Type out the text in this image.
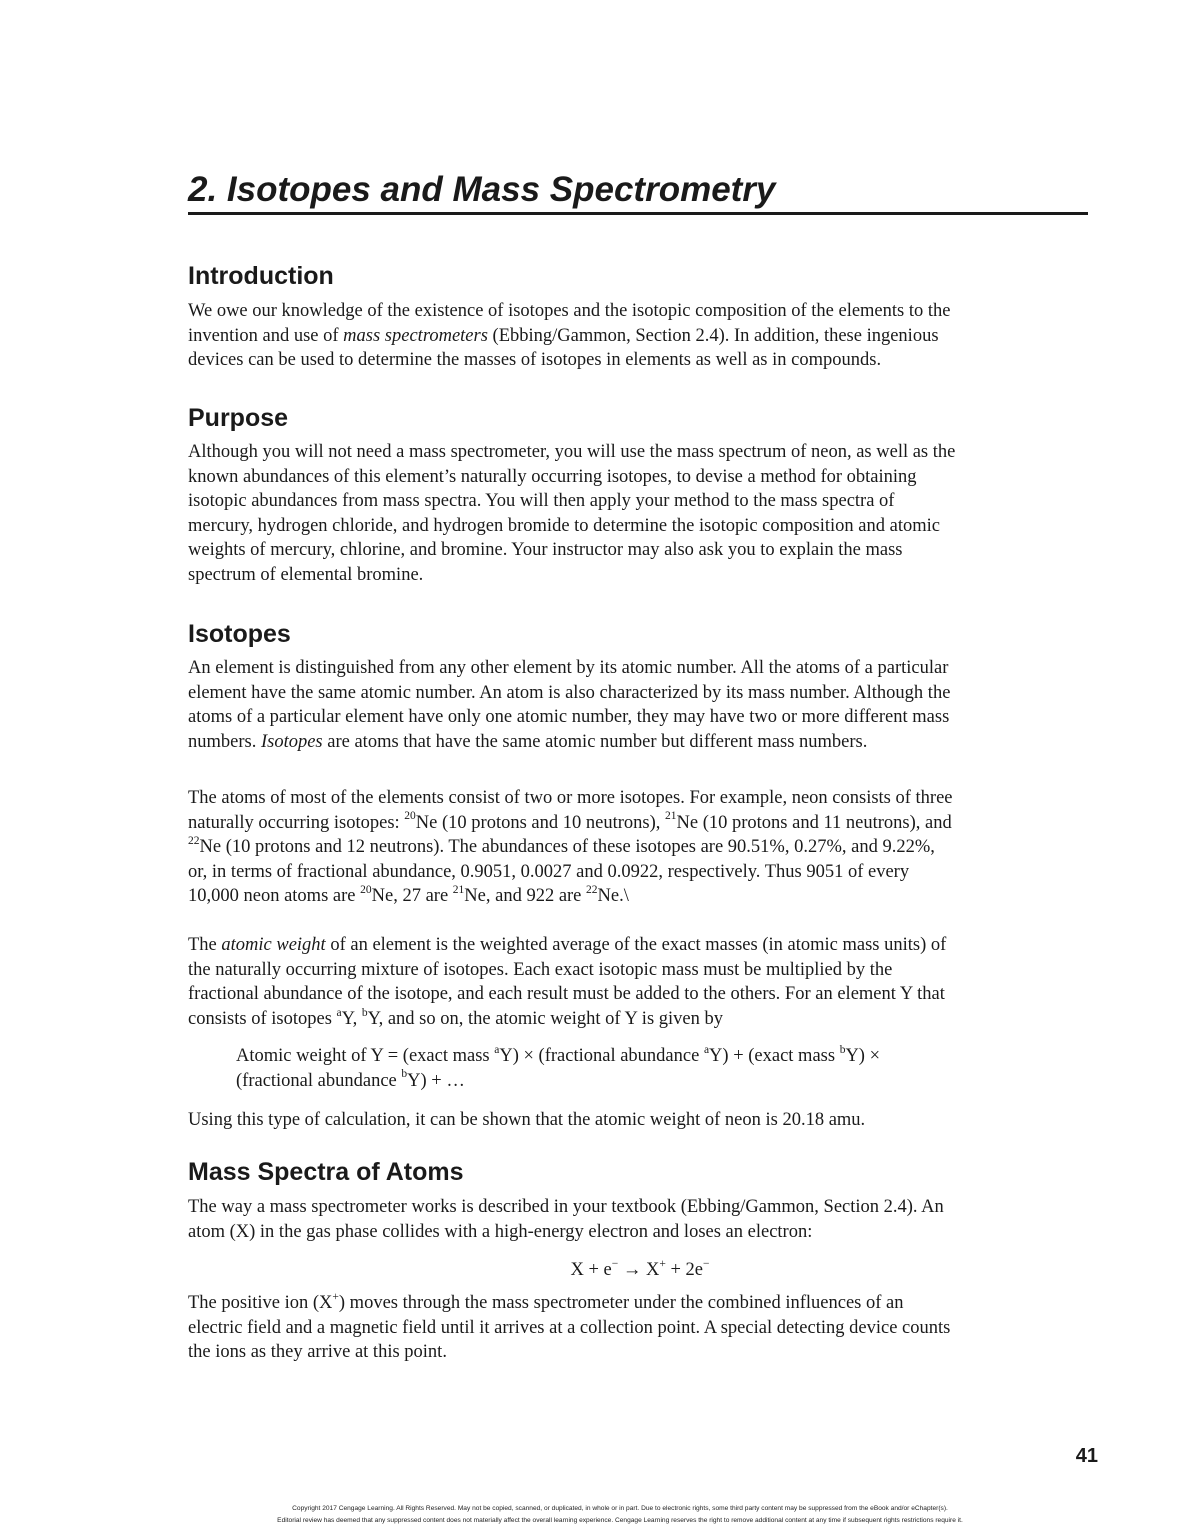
2. Isotopes and Mass Spectrometry
Introduction

We owe our knowledge of the existence of isotopes and the isotopic composition of the elements to the
invention and use of mass spectrometers (Ebbing/Gammon, Section 2.4). In addition, these ingenious
devices can be used to determine the masses of isotopes in elements as well as in compounds.

Purpose

Although you will not need a mass spectrometer, you will use the mass spectrum of neon, as well as the
known abundances of this element’s naturally occurring isotopes, to devise a method for obtaining
isotopic abundances from mass spectra. You will then apply your method to the mass spectra of
mercury, hydrogen chloride, and hydrogen bromide to determine the isotopic composition and atomic
weights of mercury, chlorine, and bromine. Your instructor may also ask you to explain the mass
spectrum of elemental bromine.

Isotopes

An element is distinguished from any other element by its atomic number. All the atoms of a particular
element have the same atomic number. An atom is also characterized by its mass number. Although the
atoms of a particular element have only one atomic number, they may have two or more different mass
numbers. Isotopes are atoms that have the same atomic number but different mass numbers.

The atoms of most of the elements consist of two or more isotopes. For example, neon consists of three
naturally occurring isotopes: $^{20}$Ne (10 protons and 10 neutrons), $^{21}$Ne (10 protons and 11 neutrons), and
$^{22}$Ne (10 protons and 12 neutrons). The abundances of these isotopes are 90.51%, 0.27%, and 9.22%,
or, in terms of fractional abundance, 0.9051, 0.0027 and 0.0922, respectively. Thus 9051 of every
10,000 neon atoms are $^{20}$Ne, 27 are $^{21}$Ne, and 922 are $^{22}$Ne.\

The atomic weight of an element is the weighted average of the exact masses (in atomic mass units) of
the naturally occurring mixture of isotopes. Each exact isotopic mass must be multiplied by the
fractional abundance of the isotope, and each result must be added to the others. For an element Y that
consists of isotopes $^a$Y, $^b$Y, and so on, the atomic weight of Y is given by

Atomic weight of Y = (exact mass $^a$Y) × (fractional abundance $^a$Y) + (exact mass $^b$Y) ×
(fractional abundance $^b$Y) + …

Using this type of calculation, it can be shown that the atomic weight of neon is 20.18 amu.

Mass Spectra of Atoms

The way a mass spectrometer works is described in your textbook (Ebbing/Gammon, Section 2.4). An
atom (X) in the gas phase collides with a high-energy electron and loses an electron:

X + e− → X+ + 2e−

The positive ion (X+) moves through the mass spectrometer under the combined influences of an
electric field and a magnetic field until it arrives at a collection point. A special detecting device counts
the ions as they arrive at this point.

41
Copyright 2017 Cengage Learning. All Rights Reserved. May not be copied, scanned, or duplicated, in whole or in part. Due to electronic rights, some third party content may be suppressed from the eBook and/or eChapter(s).
Editorial review has deemed that any suppressed content does not materially affect the overall learning experience. Cengage Learning reserves the right to remove additional content at any time if subsequent rights restrictions require it.
